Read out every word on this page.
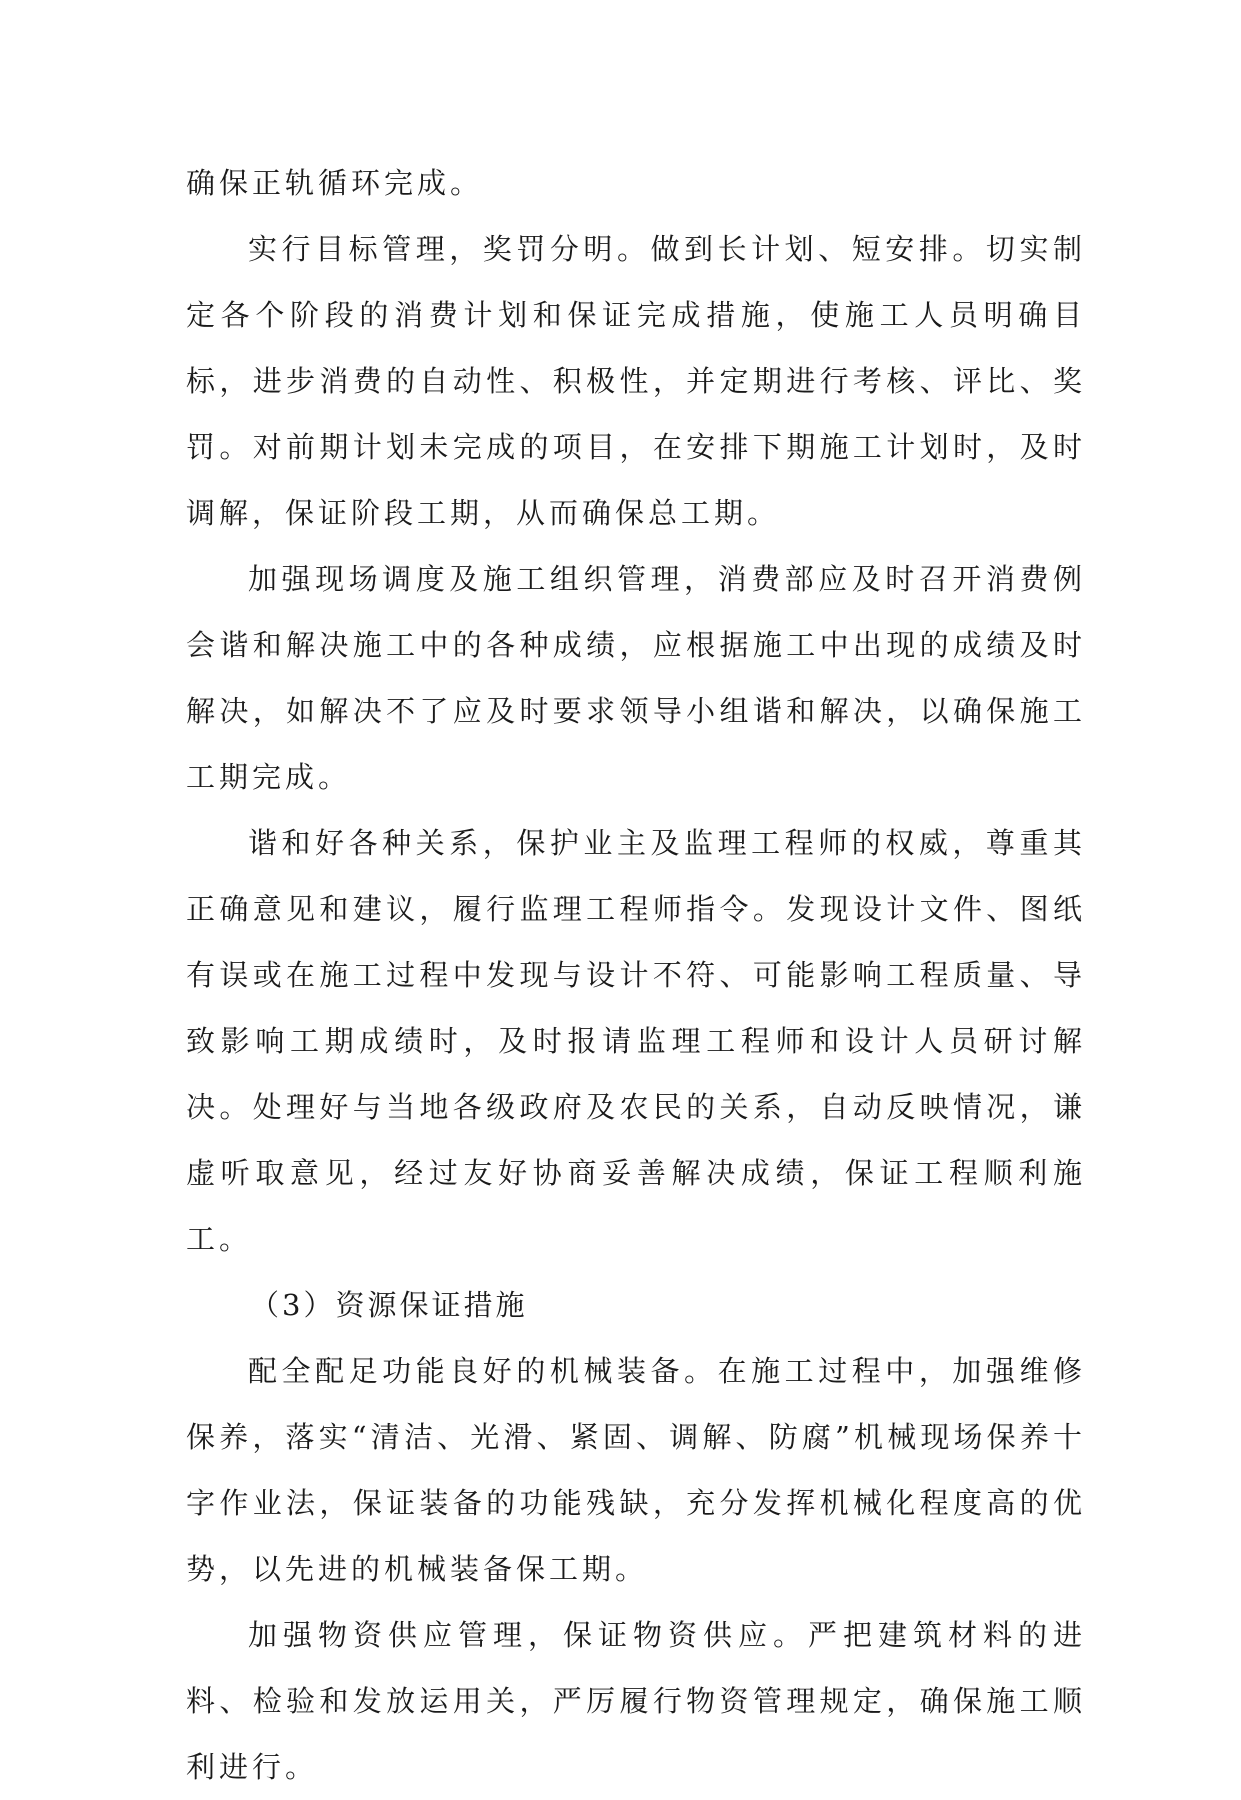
确保正轨循环完成。

实行目标管理，奖罚分明。做到长计划、短安排。切实制定各个阶段的消费计划和保证完成措施，使施工人员明确目标，进步消费的自动性、积极性，并定期进行考核、评比、奖罚。对前期计划未完成的项目，在安排下期施工计划时，及时调解，保证阶段工期，从而确保总工期。

加强现场调度及施工组织管理，消费部应及时召开消费例会谐和解决施工中的各种成绩，应根据施工中出现的成绩及时解决，如解决不了应及时要求领导小组谐和解决，以确保施工工期完成。

谐和好各种关系，保护业主及监理工程师的权威，尊重其正确意见和建议，履行监理工程师指令。发现设计文件、图纸有误或在施工过程中发现与设计不符、可能影响工程质量、导致影响工期成绩时，及时报请监理工程师和设计人员研讨解决。处理好与当地各级政府及农民的关系，自动反映情况，谦虚听取意见，经过友好协商妥善解决成绩，保证工程顺利施工。

（3）资源保证措施

配全配足功能良好的机械装备。在施工过程中，加强维修保养，落实“清洁、光滑、紧固、调解、防腐”机械现场保养十字作业法，保证装备的功能残缺，充分发挥机械化程度高的优势，以先进的机械装备保工期。

加强物资供应管理，保证物资供应。严把建筑材料的进料、检验和发放运用关，严厉履行物资管理规定，确保施工顺利进行。
